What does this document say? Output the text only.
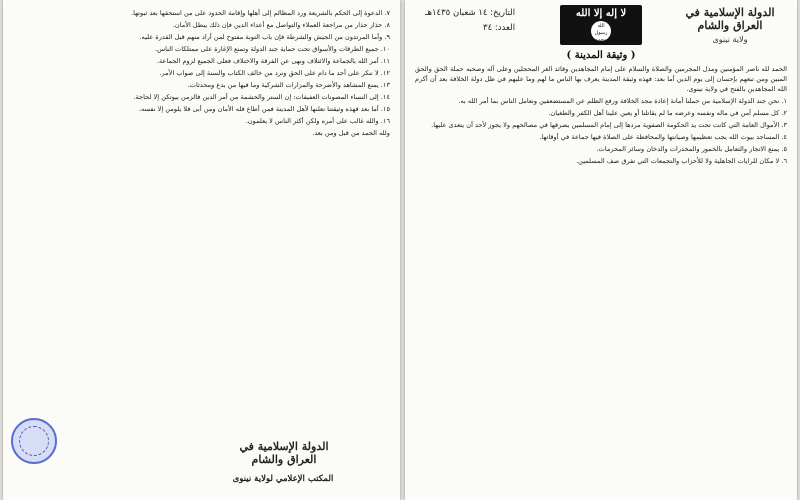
٧. الدعوة إلى الحكم بالشريعة ورد المظالم إلى أهلها وإقامة الحدود على من استحقها بعد ثبوتها.

٨. حذار حذار من مراجعة العملاء والتواصل مع أعداء الدين فإن ذلك يبطل الأمان.

٩. وأما المرتدون من الجيش والشرطة فإن باب التوبة مفتوح لمن أراد منهم قبل القدرة عليه.

١٠. جميع الطرقات والأسواق تحت حماية جند الدولة وتمنع الإغارة على ممتلكات الناس.

١١. أمر الله بالجماعة والائتلاف ونهى عن الفرقة والاختلاف فعلى الجميع لزوم الجماعة.

١٢. لا ننكر على أحد ما دام على الحق ونرد من خالف الكتاب والسنة إلى صواب الأمر.

١٣. يمنع المشاهد والأضرحة والمزارات الشركية وما فيها من بدع ومحدثات.

١٤. إلى النساء المصونات العفيفات: إن الستر والحشمة من أمر الدين فالزمن بيوتكن إلا لحاجة.

١٥. أما بعد فهذه وثيقتنا نعلنها لأهل المدينة فمن أطاع فله الأمان ومن أبى فلا يلومن إلا نفسه.

١٦. والله غالب على أمره ولكن أكثر الناس لا يعلمون.

ولله الحمد من قبل ومن بعد.

الدولة الإسلامية في العراق والشام
المكتب الإعلامي لولاية نينوى
الدولة الإسلامية في العراق والشام
ولاية نينوى
لا إله إلا الله
الله رسول محمد
التاريخ: ١٤ شعبان ١٤٣٥هـ
العدد: ٣٤
( وثيقة المدينة )

الحمد لله ناصر المؤمنين ومذل المجرمين والصلاة والسلام على إمام المجاهدين وقائد الغر المحجلين وعلى آله وصحبه حملة الحق والحق المبين ومن تبعهم بإحسان إلى يوم الدين أما بعد: فهذه وثيقة المدينة يعرف بها الناس ما لهم وما عليهم في ظل دولة الخلافة بعد أن أكرم الله المجاهدين بالفتح في ولاية نينوى.

١. نحن جند الدولة الإسلامية من حملنا أمانة إعادة مجد الخلافة ورفع الظلم عن المستضعفين ونعامل الناس بما أمر الله به.

٢. كل مسلم آمن في ماله ونفسه وعرضه ما لم يقاتلنا أو يعين علينا أهل الكفر والطغيان.

٣. الأموال العامة التي كانت تحت يد الحكومة الصفوية مردها إلى إمام المسلمين يصرفها في مصالحهم ولا يجوز لأحد أن يتعدى عليها.

٤. المساجد بيوت الله يجب تعظيمها وصيانتها والمحافظة على الصلاة فيها جماعة في أوقاتها.

٥. يمنع الاتجار والتعامل بالخمور والمخدرات والدخان وسائر المحرمات.

٦. لا مكان للرايات الجاهلية ولا للأحزاب والتجمعات التي تفرق صف المسلمين.
